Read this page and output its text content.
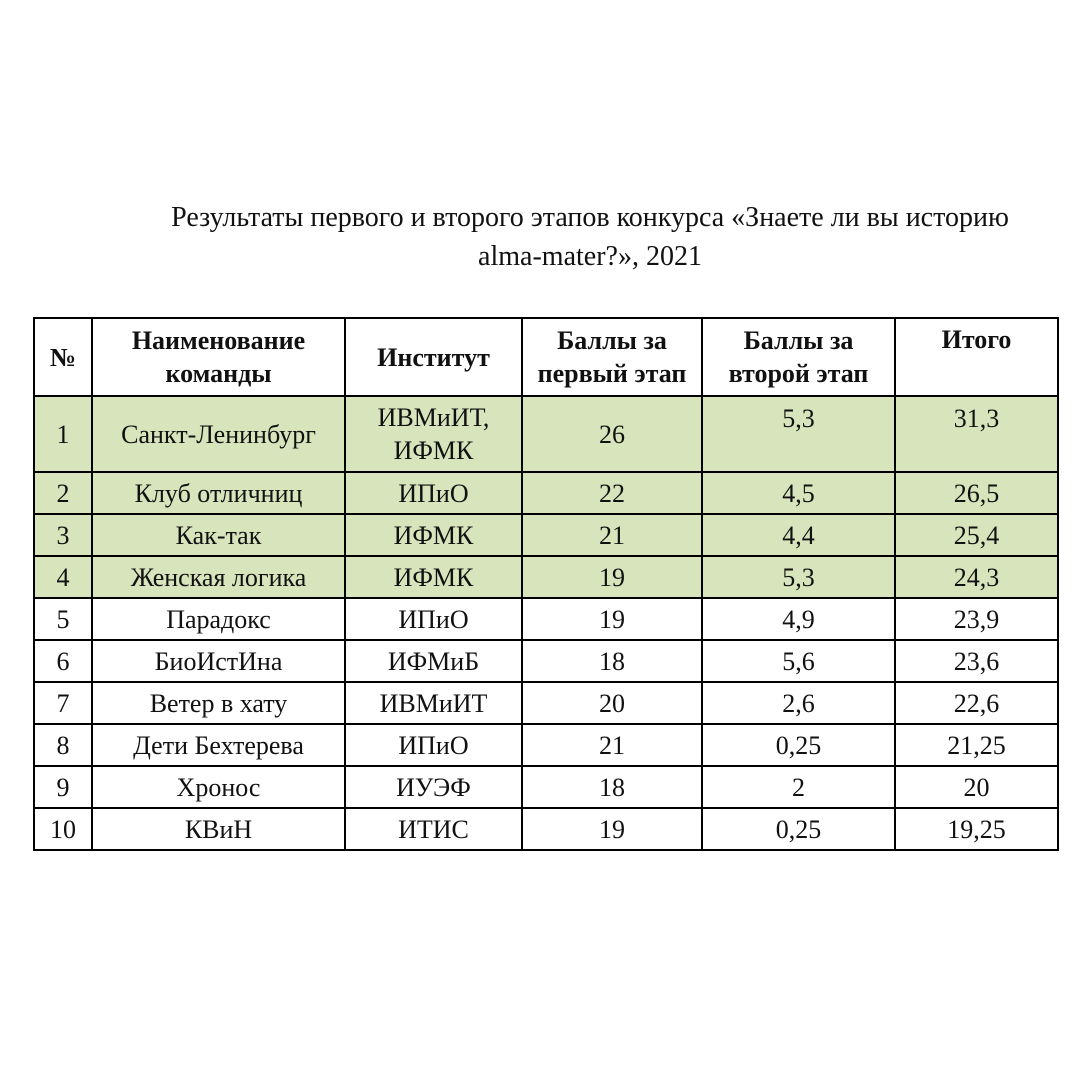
Результаты первого и второго этапов конкурса «Знаете ли вы историю
alma-mater?», 2021
№	Наименование команды	Институт	Баллы за первый этап	Баллы за второй этап	Итого
1	Санкт-Ленинбург	ИВМиИТ, ИФМК	26	5,3	31,3
2	Клуб отличниц	ИПиО	22	4,5	26,5
3	Как-так	ИФМК	21	4,4	25,4
4	Женская логика	ИФМК	19	5,3	24,3
5	Парадокс	ИПиО	19	4,9	23,9
6	БиоИстИна	ИФМиБ	18	5,6	23,6
7	Ветер в хату	ИВМиИТ	20	2,6	22,6
8	Дети Бехтерева	ИПиО	21	0,25	21,25
9	Хронос	ИУЭФ	18	2	20
10	КВиН	ИТИС	19	0,25	19,25
